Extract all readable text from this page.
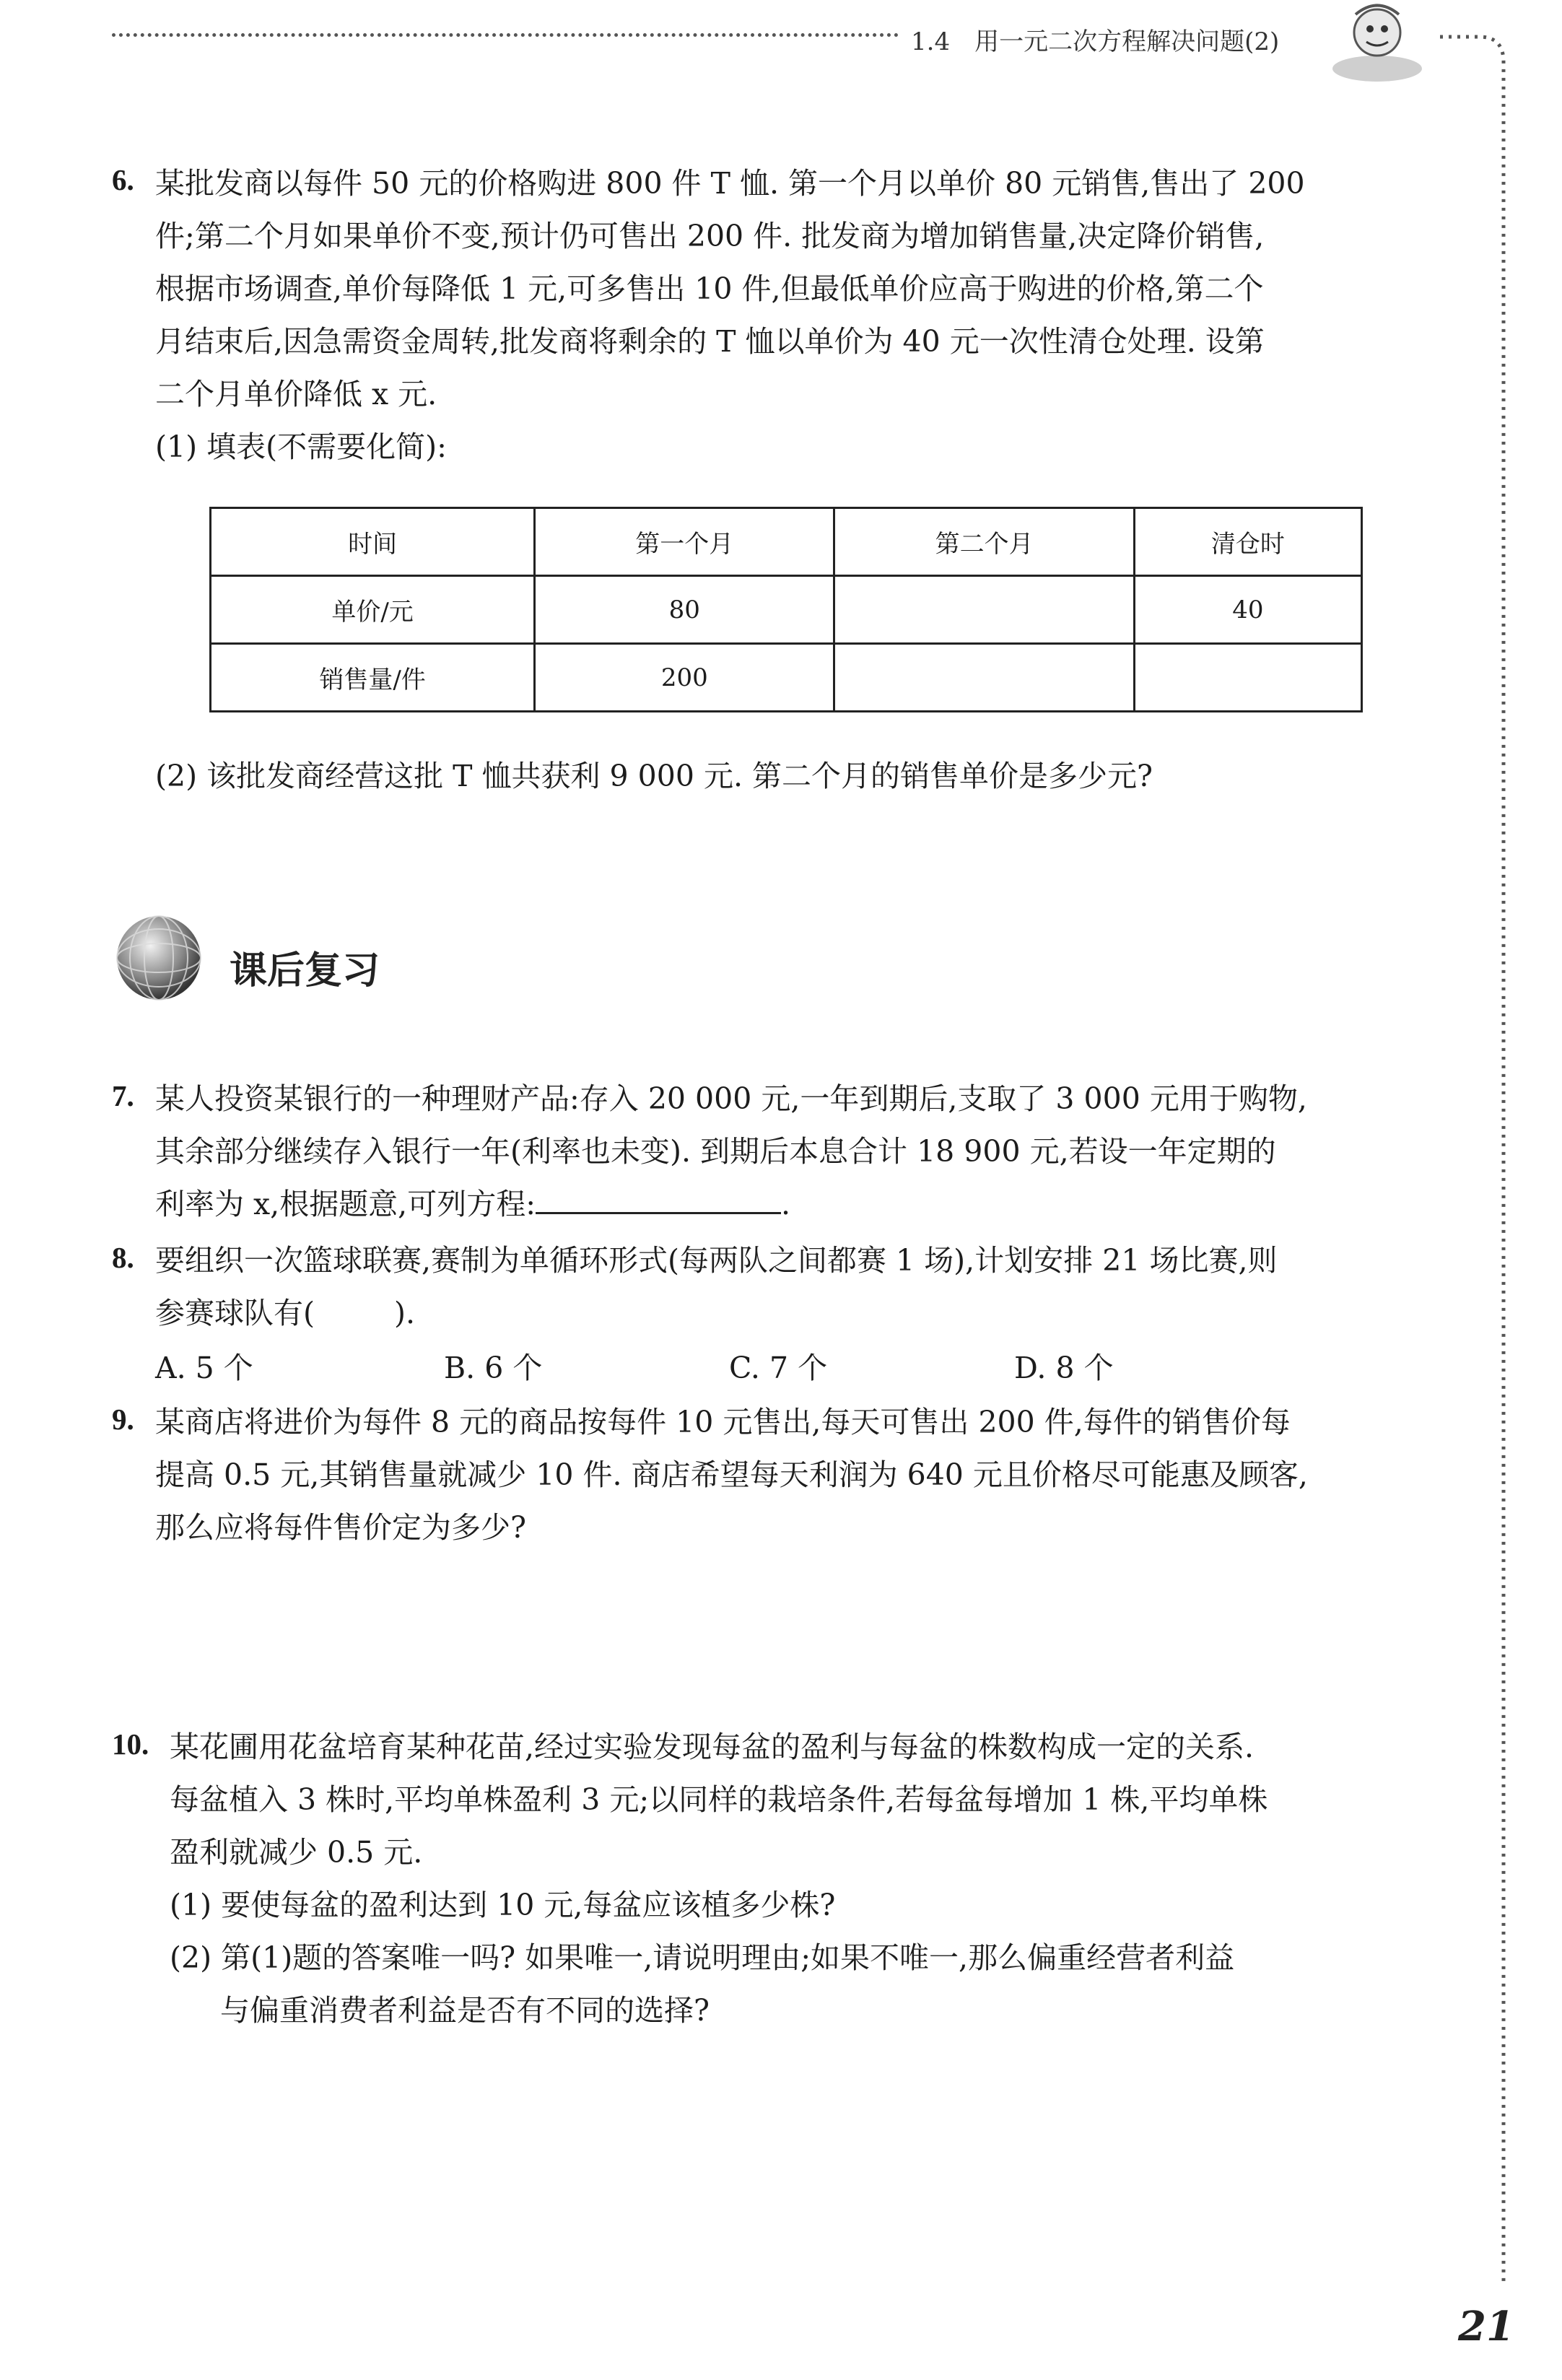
1.4　用一元二次方程解决问题(2)
6. 某批发商以每件 50 元的价格购进 800 件 T 恤. 第一个月以单价 80 元销售,售出了 200
件;第二个月如果单价不变,预计仍可售出 200 件. 批发商为增加销售量,决定降价销售,
根据市场调查,单价每降低 1 元,可多售出 10 件,但最低单价应高于购进的价格,第二个
月结束后,因急需资金周转,批发商将剩余的 T 恤以单价为 40 元一次性清仓处理. 设第
二个月单价降低 x 元.
(1) 填表(不需要化简):
时间	第一个月	第二个月	清仓时
单价/元	80		40
销售量/件	200		
(2) 该批发商经营这批 T 恤共获利 9 000 元. 第二个月的销售单价是多少元?
课后复习
7. 某人投资某银行的一种理财产品:存入 20 000 元,一年到期后,支取了 3 000 元用于购物,
其余部分继续存入银行一年(利率也未变). 到期后本息合计 18 900 元,若设一年定期的
利率为 x,根据题意,可列方程:	.
8. 要组织一次篮球联赛,赛制为单循环形式(每两队之间都赛 1 场),计划安排 21 场比赛,则
参赛球队有(	).
A. 5 个	B. 6 个	C. 7 个	D. 8 个
9. 某商店将进价为每件 8 元的商品按每件 10 元售出,每天可售出 200 件,每件的销售价每
提高 0.5 元,其销售量就减少 10 件. 商店希望每天利润为 640 元且价格尽可能惠及顾客,
那么应将每件售价定为多少?
10. 某花圃用花盆培育某种花苗,经过实验发现每盆的盈利与每盆的株数构成一定的关系.
每盆植入 3 株时,平均单株盈利 3 元;以同样的栽培条件,若每盆每增加 1 株,平均单株
盈利就减少 0.5 元.
(1) 要使每盆的盈利达到 10 元,每盆应该植多少株?
(2) 第(1)题的答案唯一吗? 如果唯一,请说明理由;如果不唯一,那么偏重经营者利益
与偏重消费者利益是否有不同的选择?
21
